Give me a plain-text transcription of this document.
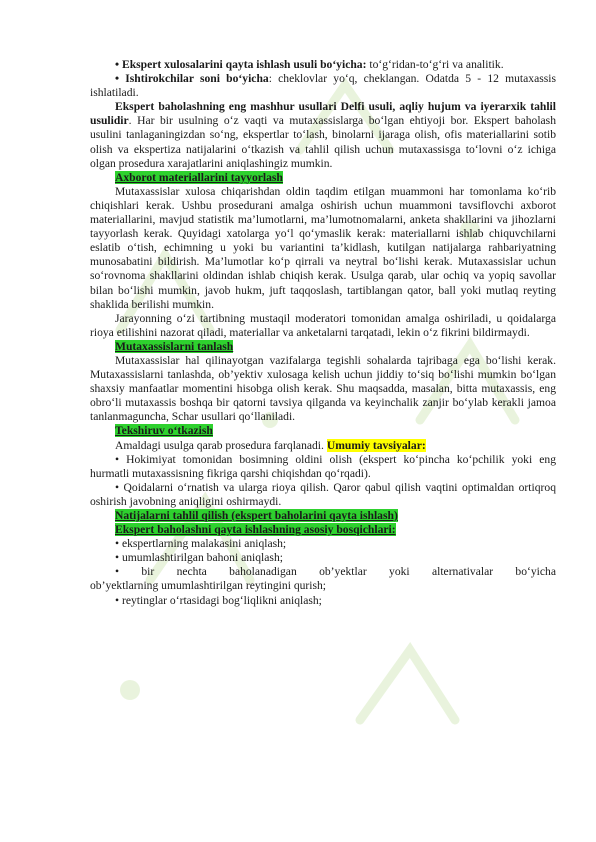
• Ekspert xulosalarini qayta ishlash usuli bo‘yicha: to‘g‘ridan-to‘g‘ri va analitik.

• Ishtirokchilar soni bo‘yicha: cheklovlar yo‘q, cheklangan. Odatda 5 - 12 mutaxassis ishlatiladi.

Ekspert baholashning eng mashhur usullari Delfi usuli, aqliy hujum va iyerarxik tahlil usulidir. Har bir usulning o‘z vaqti va mutaxassislarga bo‘lgan ehtiyoji bor. Ekspert baholash usulini tanlaganingizdan so‘ng, ekspertlar to‘lash, binolarni ijaraga olish, ofis materiallarini sotib olish va ekspertiza natijalarini o‘tkazish va tahlil qilish uchun mutaxassisga to‘lovni o‘z ichiga olgan prosedura xarajatlarini aniqlashingiz mumkin.

Axborot materiallarini tayyorlash

Mutaxassislar xulosa chiqarishdan oldin taqdim etilgan muammoni har tomonlama ko‘rib chiqishlari kerak. Ushbu prosedurani amalga oshirish uchun muammoni tavsiflovchi axborot materiallarini, mavjud statistik ma’lumotlarni, ma’lumotnomalarni, anketa shakllarini va jihozlarni tayyorlash kerak. Quyidagi xatolarga yo‘l qo‘ymaslik kerak: materiallarni ishlab chiquvchilarni eslatib o‘tish, echimning u yoki bu variantini ta’kidlash, kutilgan natijalarga rahbariyatning munosabatini bildirish. Ma’lumotlar ko‘p qirrali va neytral bo‘lishi kerak. Mutaxassislar uchun so‘rovnoma shakllarini oldindan ishlab chiqish kerak. Usulga qarab, ular ochiq va yopiq savollar bilan bo‘lishi mumkin, javob hukm, juft taqqoslash, tartiblangan qator, ball yoki mutlaq reyting shaklida berilishi mumkin.

Jarayonning o‘zi tartibning mustaqil moderatori tomonidan amalga oshiriladi, u qoidalarga rioya etilishini nazorat qiladi, materiallar va anketalarni tarqatadi, lekin o‘z fikrini bildirmaydi.

Mutaxassislarni tanlash

Mutaxassislar hal qilinayotgan vazifalarga tegishli sohalarda tajribaga ega bo‘lishi kerak. Mutaxassislarni tanlashda, ob’yektiv xulosaga kelish uchun jiddiy to‘siq bo‘lishi mumkin bo‘lgan shaxsiy manfaatlar momentini hisobga olish kerak. Shu maqsadda, masalan, bitta mutaxassis, eng obro‘li mutaxassis boshqa bir qatorni tavsiya qilganda va keyinchalik zanjir bo‘ylab kerakli jamoa tanlanmaguncha, Schar usullari qo‘llaniladi.

Tekshiruv o‘tkazish

Amaldagi usulga qarab prosedura farqlanadi. Umumiy tavsiyalar:

• Hokimiyat tomonidan bosimning oldini olish (ekspert ko‘pincha ko‘pchilik yoki eng hurmatli mutaxassisning fikriga qarshi chiqishdan qo‘rqadi).

• Qoidalarni o‘rnatish va ularga rioya qilish. Qaror qabul qilish vaqtini optimaldan ortiqroq oshirish javobning aniqligini oshirmaydi.

Natijalarni tahlil qilish (ekspert baholarini qayta ishlash)

Ekspert baholashni qayta ishlashning asosiy bosqichlari:

• ekspertlarning malakasini aniqlash;

• umumlashtirilgan bahoni aniqlash;

• bir nechta baholanadigan ob’yektlar yoki alternativalar bo‘yicha

ob’yektlarning umumlashtirilgan reytingini qurish;

• reytinglar o‘rtasidagi bog‘liqlikni aniqlash;
